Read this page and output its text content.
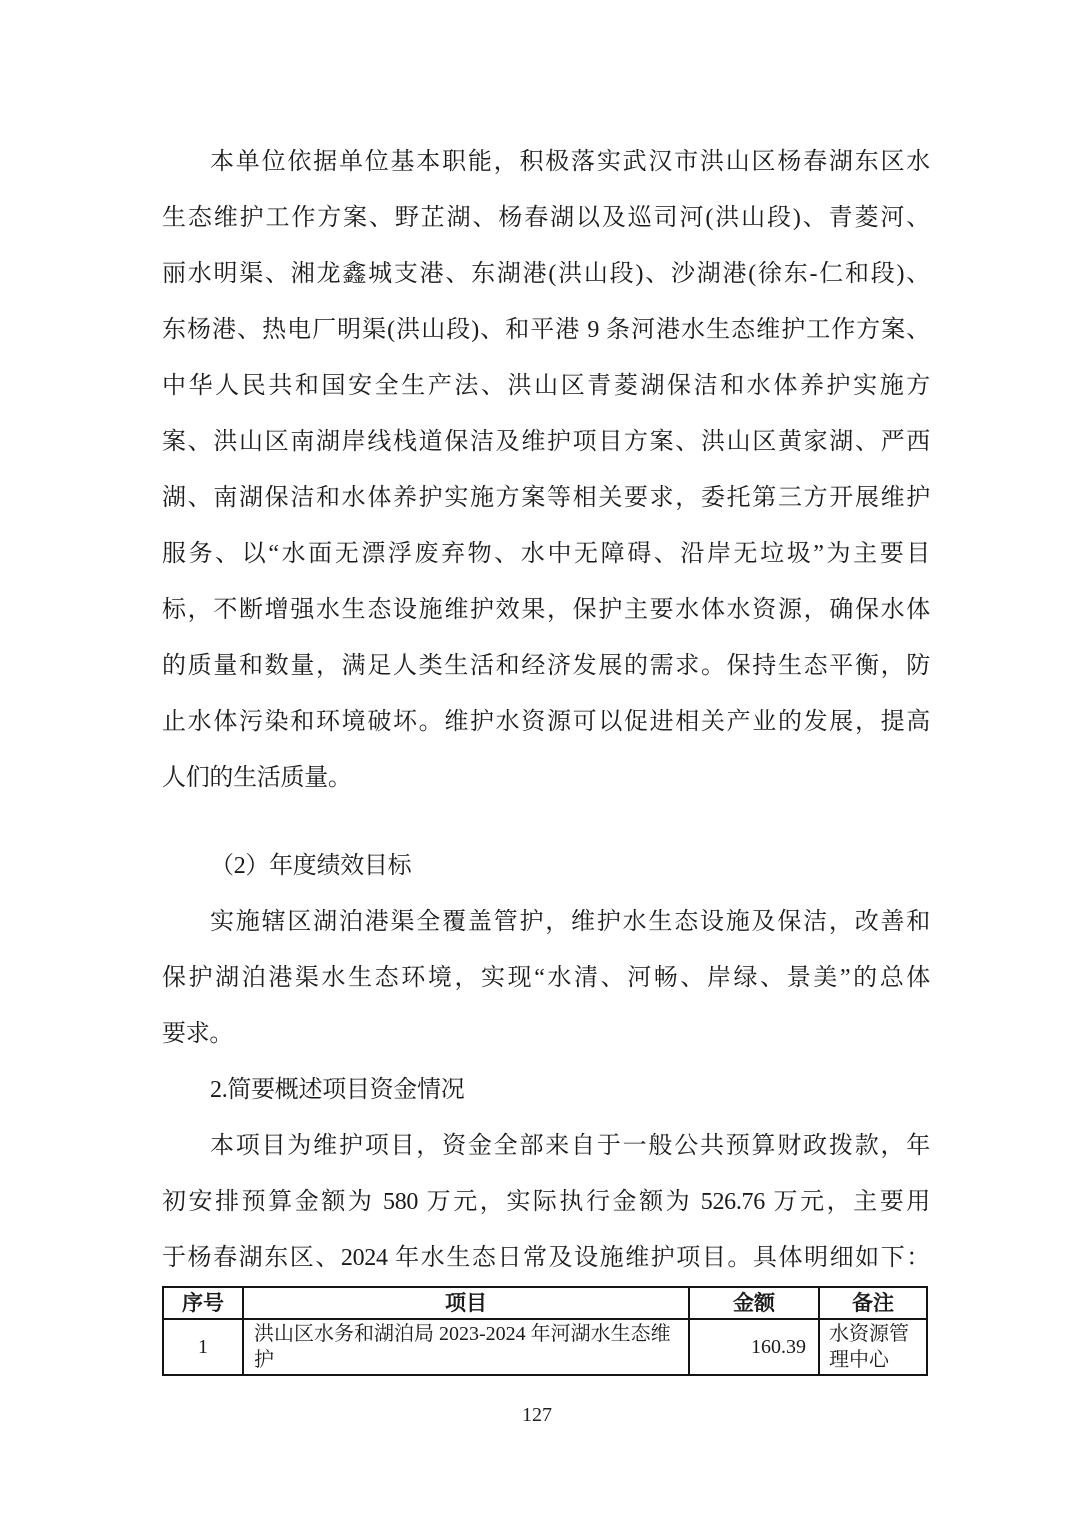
本单位依据单位基本职能，积极落实武汉市洪山区杨春湖东区水
生态维护工作方案、野芷湖、杨春湖以及巡司河(洪山段)、青菱河、
丽水明渠、湘龙鑫城支港、东湖港(洪山段)、沙湖港(徐东-仁和段)、
东杨港、热电厂明渠(洪山段)、和平港 9 条河港水生态维护工作方案、
中华人民共和国安全生产法、洪山区青菱湖保洁和水体养护实施方
案、洪山区南湖岸线栈道保洁及维护项目方案、洪山区黄家湖、严西
湖、南湖保洁和水体养护实施方案等相关要求，委托第三方开展维护
服务、以“水面无漂浮废弃物、水中无障碍、沿岸无垃圾”为主要目
标，不断增强水生态设施维护效果，保护主要水体水资源，确保水体
的质量和数量，满足人类生活和经济发展的需求。保持生态平衡，防
止水体污染和环境破坏。维护水资源可以促进相关产业的发展，提高
人们的生活质量。
（2）年度绩效目标
实施辖区湖泊港渠全覆盖管护，维护水生态设施及保洁，改善和
保护湖泊港渠水生态环境，实现“水清、河畅、岸绿、景美”的总体
要求。
2.简要概述项目资金情况
本项目为维护项目，资金全部来自于一般公共预算财政拨款，年
初安排预算金额为 580 万元，实际执行金额为 526.76 万元，主要用
于杨春湖东区、2024 年水生态日常及设施维护项目。具体明细如下：
序号	项目	金额	备注
1	洪山区水务和湖泊局 2023-2024 年河湖水生态维护	160.39	水资源管理中心
127
